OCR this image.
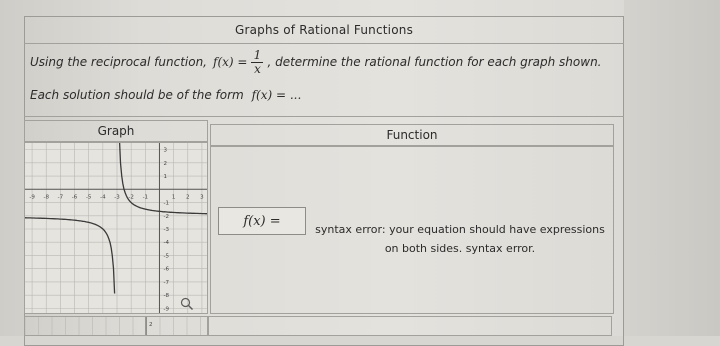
Graphs of Rational Functions
Using the reciprocal function, $f(x) = \frac{1}{x}$ , determine the rational function for each graph shown.
Each solution should be of the form f(x) = ...
Graph	Function
-9 -8 -7 -6 -5 -4 -3 -2 -1	1 2 3
3
2
1
-1
-2
-3
-4
-5
-6
-7
-8
-9
f(x) =
syntax error: your equation should have expressions on both sides. syntax error.
2
